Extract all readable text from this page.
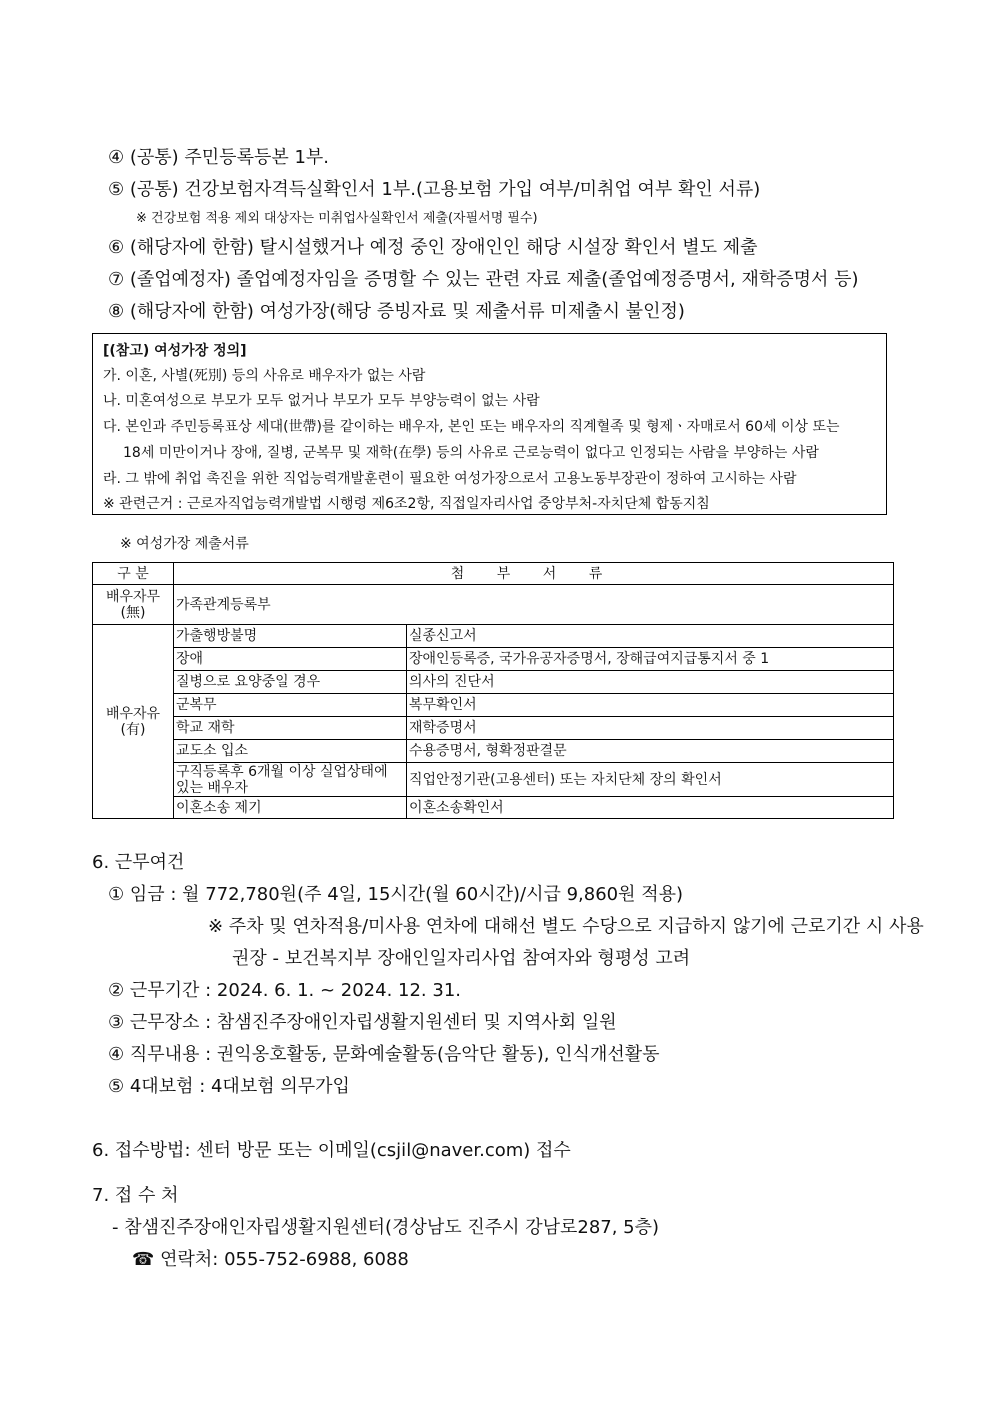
④ (공통) 주민등록등본 1부.
⑤ (공통) 건강보험자격득실확인서 1부.(고용보험 가입 여부/미취업 여부 확인 서류)
※ 건강보험 적용 제외 대상자는 미취업사실확인서 제출(자필서명 필수)
⑥ (해당자에 한함) 탈시설했거나 예정 중인 장애인인 해당 시설장 확인서 별도 제출
⑦ (졸업예정자) 졸업예정자임을 증명할 수 있는 관련 자료 제출(졸업예정증명서, 재학증명서 등)
⑧ (해당자에 한함) 여성가장(해당 증빙자료 및 제출서류 미제출시 불인정)
[(참고) 여성가장 정의]
가. 이혼, 사별(死別) 등의 사유로 배우자가 없는 사람
나. 미혼여성으로 부모가 모두 없거나 부모가 모두 부양능력이 없는 사람
다. 본인과 주민등록표상 세대(世帶)를 같이하는 배우자, 본인 또는 배우자의 직계혈족 및 형제ㆍ자매로서 60세 이상 또는
18세 미만이거나 장애, 질병, 군복무 및 재학(在學) 등의 사유로 근로능력이 없다고 인정되는 사람을 부양하는 사람
라. 그 밖에 취업 촉진을 위한 직업능력개발훈련이 필요한 여성가장으로서 고용노동부장관이 정하여 고시하는 사람
※ 관련근거 : 근로자직업능력개발법 시행령 제6조2항, 직접일자리사업 중앙부처-자치단체 합동지침
※ 여성가장 제출서류
구 분	첨 부 서 류	
배우자무(無)	가족관계등록부	
배우자유(有)	가출행방불명	실종신고서
	장애	장애인등록증, 국가유공자증명서, 장해급여지급통지서 중 1
	질병으로 요양중일 경우	의사의 진단서
	군복무	복무확인서
	학교 재학	재학증명서
	교도소 입소	수용증명서, 형확정판결문
	구직등록후 6개월 이상 실업상태에 있는 배우자	직업안정기관(고용센터) 또는 자치단체 장의 확인서
	이혼소송 제기	이혼소송확인서
6. 근무여건
① 임금 : 월 772,780원(주 4일, 15시간(월 60시간)/시급 9,860원 적용)
※ 주차 및 연차적용/미사용 연차에 대해선 별도 수당으로 지급하지 않기에 근로기간 시 사용
권장 - 보건복지부 장애인일자리사업 참여자와 형평성 고려
② 근무기간 : 2024. 6. 1. ~ 2024. 12. 31.
③ 근무장소 : 참샘진주장애인자립생활지원센터 및 지역사회 일원
④ 직무내용 : 권익옹호활동, 문화예술활동(음악단 활동), 인식개선활동
⑤ 4대보험 : 4대보험 의무가입
6. 접수방법: 센터 방문 또는 이메일(csjil@naver.com) 접수
7. 접 수 처
- 참샘진주장애인자립생활지원센터(경상남도 진주시 강남로287, 5층)
☎ 연락처: 055-752-6988, 6088
